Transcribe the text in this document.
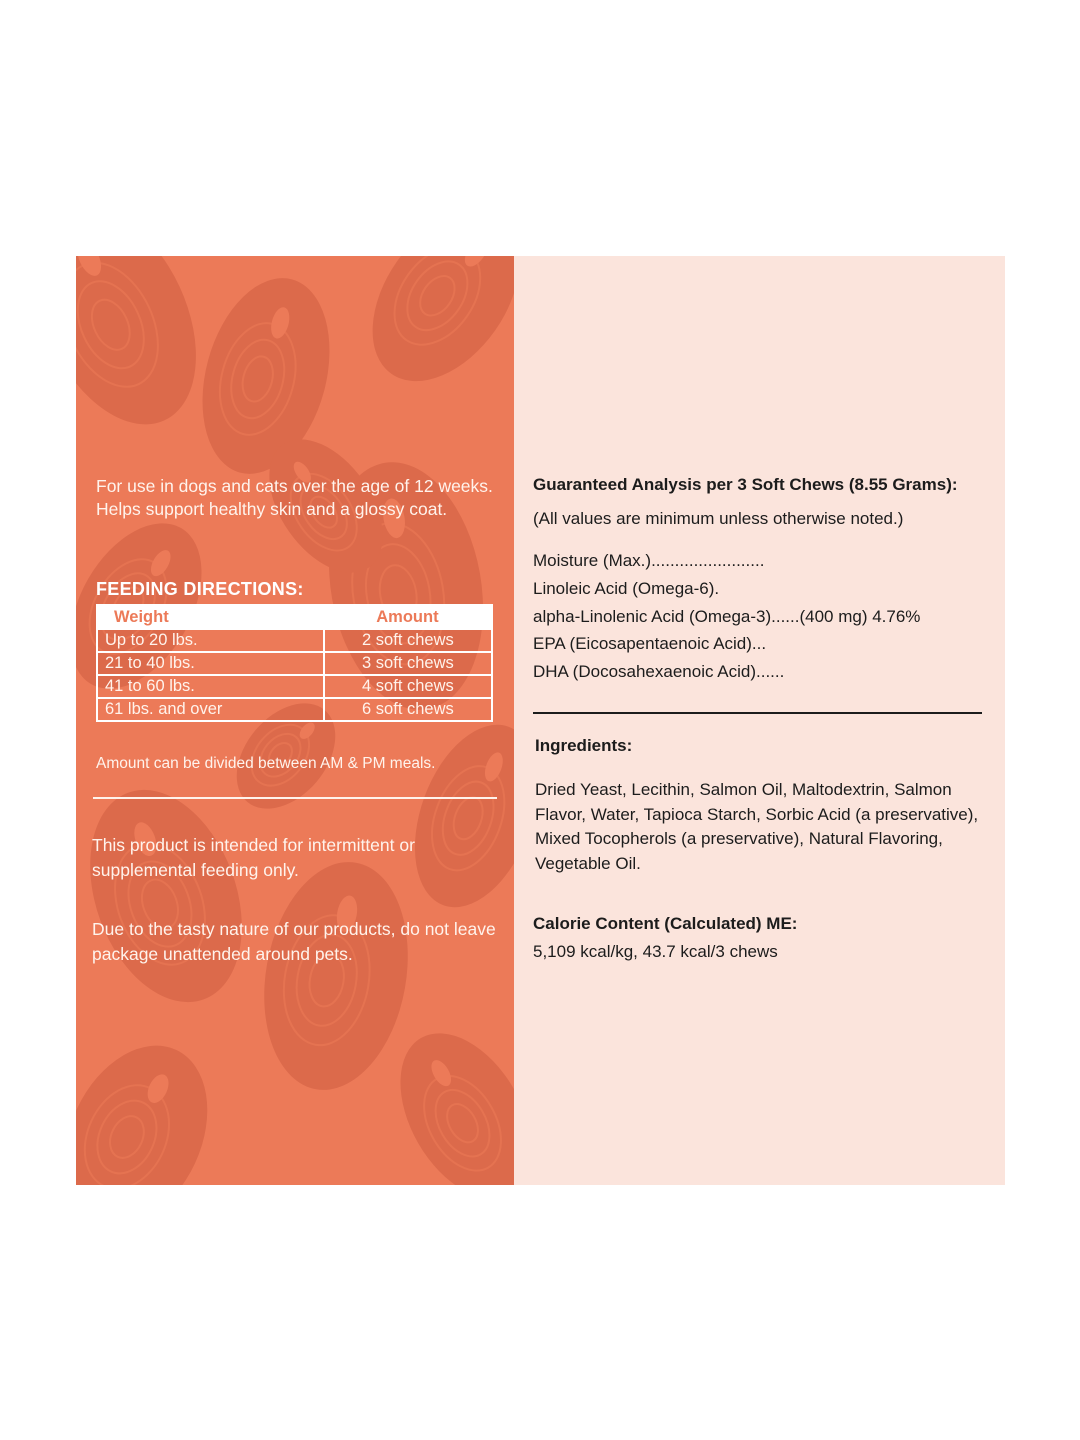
For use in dogs and cats over the age of 12 weeks. Helps support healthy skin and a glossy coat.
FEEDING DIRECTIONS:
Weight	Amount
Up to 20 lbs.	2 soft chews
21 to 40 lbs.	3 soft chews
41 to 60 lbs.	4 soft chews
61 lbs. and over	6 soft chews
Amount can be divided between AM & PM meals.
This product is intended for intermittent or supplemental feeding only.
Due to the tasty nature of our products, do not leave package unattended around pets.
Guaranteed Analysis per 3 Soft Chews (8.55 Grams):
(All values are minimum unless otherwise noted.)
Moisture (Max.)........................
Linoleic Acid (Omega-6).
alpha-Linolenic Acid (Omega-3)......(400 mg) 4.76%
EPA (Eicosapentaenoic Acid)...
DHA (Docosahexaenoic Acid)......
Ingredients:
Dried Yeast, Lecithin, Salmon Oil, Maltodextrin, Salmon Flavor, Water, Tapioca Starch, Sorbic Acid (a preservative), Mixed Tocopherols (a preservative), Natural Flavoring, Vegetable Oil.
Calorie Content (Calculated) ME:
5,109 kcal/kg, 43.7 kcal/3 chews
